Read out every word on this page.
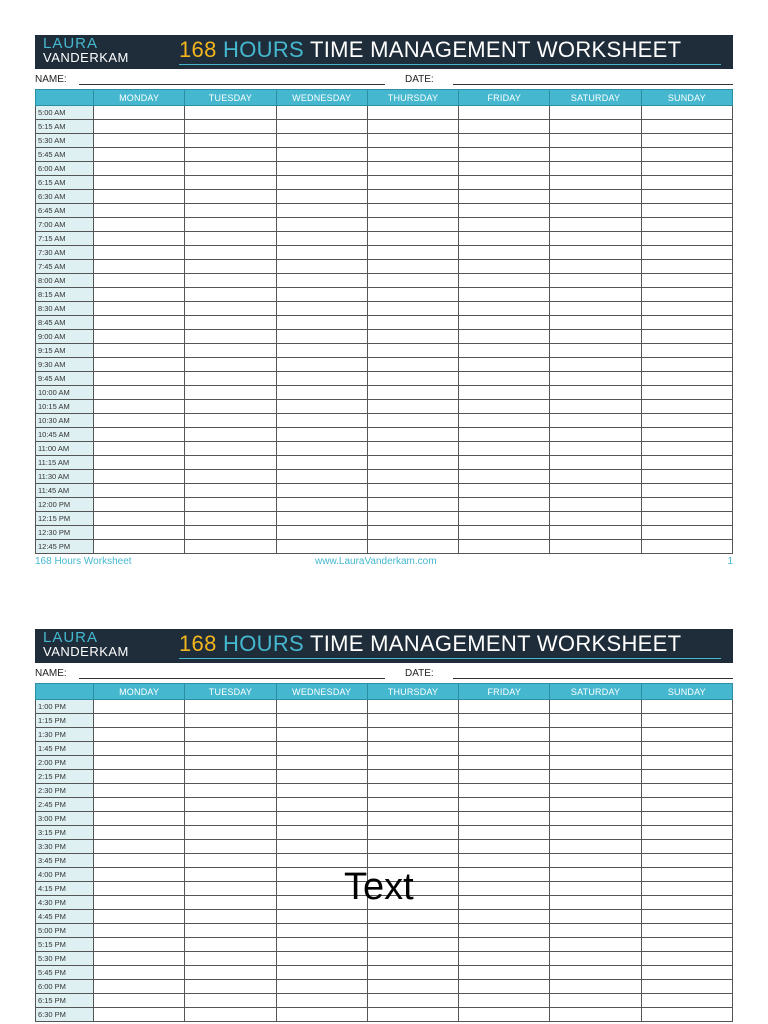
LAURA
VANDERKAM 168 HOURS TIME MANAGEMENT WORKSHEET
NAME:	DATE:
	MONDAY	TUESDAY	WEDNESDAY	THURSDAY	FRIDAY	SATURDAY	SUNDAY
5:00 AM							
5:15 AM							
5:30 AM							
5:45 AM							
6:00 AM							
6:15 AM							
6:30 AM							
6:45 AM							
7:00 AM							
7:15 AM							
7:30 AM							
7:45 AM							
8:00 AM							
8:15 AM							
8:30 AM							
8:45 AM							
9:00 AM							
9:15 AM							
9:30 AM							
9:45 AM							
10:00 AM							
10:15 AM							
10:30 AM							
10:45 AM							
11:00 AM							
11:15 AM							
11:30 AM							
11:45 AM							
12:00 PM							
12:15 PM							
12:30 PM							
12:45 PM							
168 Hours Worksheet	www.LauraVanderkam.com	1
LAURA
VANDERKAM 168 HOURS TIME MANAGEMENT WORKSHEET
NAME:	DATE:
	MONDAY	TUESDAY	WEDNESDAY	THURSDAY	FRIDAY	SATURDAY	SUNDAY
1:00 PM							
1:15 PM							
1:30 PM							
1:45 PM							
2:00 PM							
2:15 PM							
2:30 PM							
2:45 PM							
3:00 PM							
3:15 PM							
3:30 PM							
3:45 PM							
4:00 PM							
4:15 PM							
4:30 PM							
4:45 PM							
5:00 PM							
5:15 PM							
5:30 PM							
5:45 PM							
6:00 PM							
6:15 PM							
6:30 PM							
Text
